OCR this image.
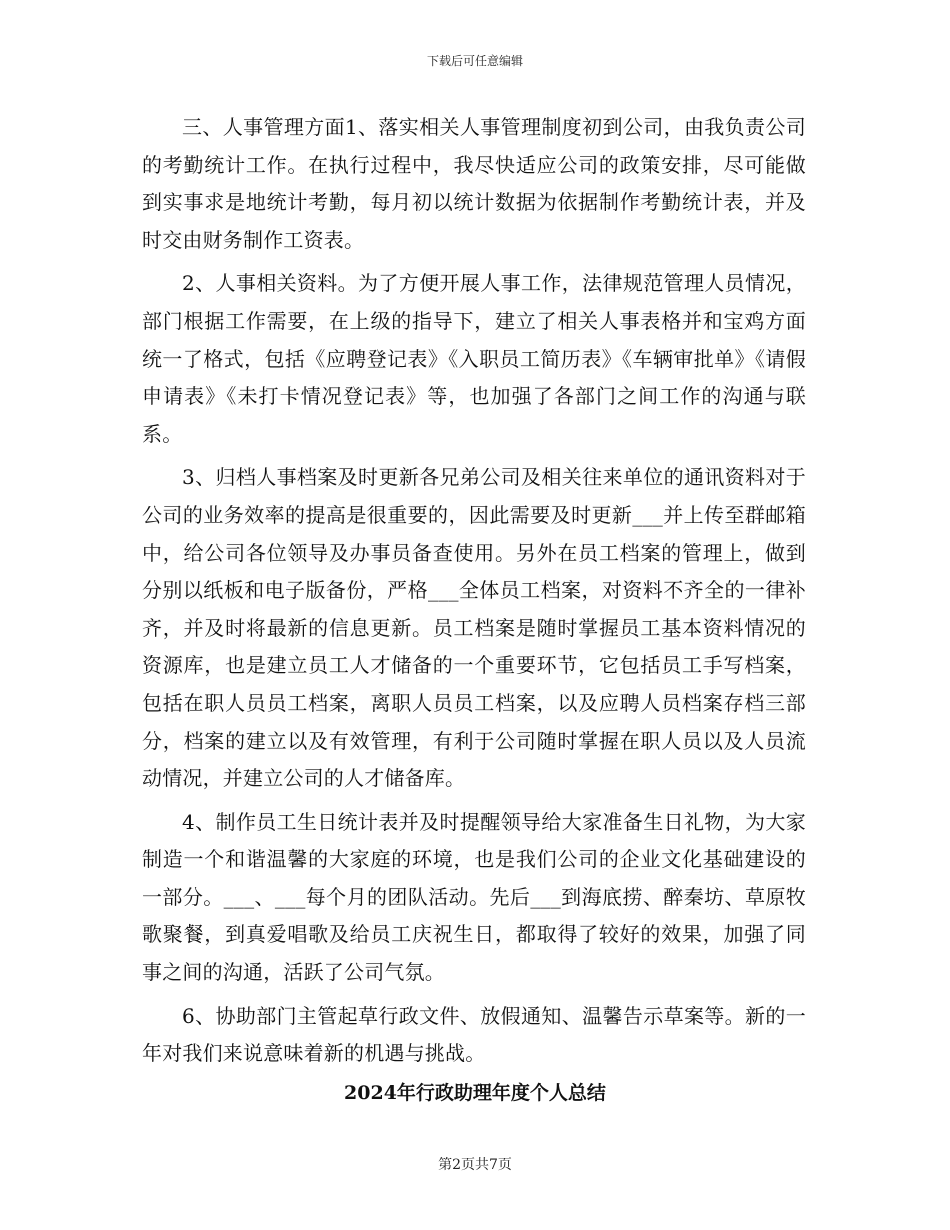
下载后可任意编辑

三、人事管理方面1、落实相关人事管理制度初到公司，由我负责公司的考勤统计工作。在执行过程中，我尽快适应公司的政策安排，尽可能做到实事求是地统计考勤，每月初以统计数据为依据制作考勤统计表，并及时交由财务制作工资表。

2、人事相关资料。为了方便开展人事工作，法律规范管理人员情况，部门根据工作需要，在上级的指导下，建立了相关人事表格并和宝鸡方面统一了格式，包括《应聘登记表》《入职员工简历表》《车辆审批单》《请假申请表》《未打卡情况登记表》等，也加强了各部门之间工作的沟通与联系。

3、归档人事档案及时更新各兄弟公司及相关往来单位的通讯资料对于公司的业务效率的提高是很重要的，因此需要及时更新___并上传至群邮箱中，给公司各位领导及办事员备查使用。另外在员工档案的管理上，做到分别以纸板和电子版备份，严格___全体员工档案，对资料不齐全的一律补齐，并及时将最新的信息更新。员工档案是随时掌握员工基本资料情况的资源库，也是建立员工人才储备的一个重要环节，它包括员工手写档案，包括在职人员员工档案，离职人员员工档案，以及应聘人员档案存档三部分，档案的建立以及有效管理，有利于公司随时掌握在职人员以及人员流动情况，并建立公司的人才储备库。

4、制作员工生日统计表并及时提醒领导给大家准备生日礼物，为大家制造一个和谐温馨的大家庭的环境，也是我们公司的企业文化基础建设的一部分。___、___每个月的团队活动。先后___到海底捞、醉秦坊、草原牧歌聚餐，到真爱唱歌及给员工庆祝生日，都取得了较好的效果，加强了同事之间的沟通，活跃了公司气氛。

6、协助部门主管起草行政文件、放假通知、温馨告示草案等。新的一年对我们来说意味着新的机遇与挑战。

2024年行政助理年度个人总结
第2页共7页
